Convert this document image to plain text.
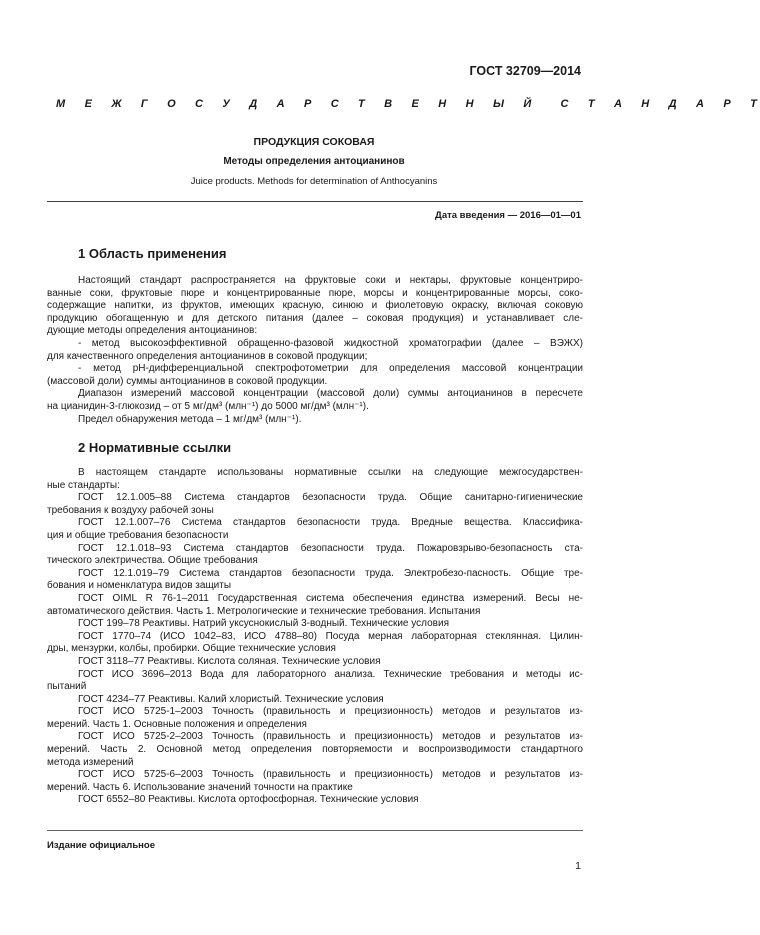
ГОСТ 32709—2014
М   Е   Ж   Г   О   С   У   Д   А   Р   С   Т   В   Е   Н   Н   Ы   Й С   Т   А   Н   Д   А   Р   Т
ПРОДУКЦИЯ СОКОВАЯ
Методы определения антоцианинов
Juice products. Methods for determination of Anthocyanins
Дата введения — 2016—01—01
1 Область применения
Настоящий стандарт распространяется на фруктовые соки и нектары, фруктовые концентриро-
ванные соки, фруктовые пюре и концентрированные пюре, морсы и концентрированные морсы, соко-
содержащие напитки, из фруктов, имеющих красную, синюю и фиолетовую окраску, включая соковую
продукцию обогащенную и для детского питания (далее – соковая продукция) и устанавливает сле-
дующие методы определения антоцианинов:
- метод высокоэффективной обращенно-фазовой жидкостной хроматографии (далее – ВЭЖХ)
для качественного определения антоцианинов в соковой продукции;
- метод pH-дифференциальной спектрофотометрии для определения массовой концентрации
(массовой доли) суммы антоцианинов в соковой продукции.
Диапазон измерений массовой концентрации (массовой доли) суммы антоцианинов в пересчете
на цианидин-3-глюкозид – от 5 мг/дм³ (млн⁻¹) до 5000 мг/дм³ (млн⁻¹).
Предел обнаружения метода – 1 мг/дм³ (млн⁻¹).
2 Нормативные ссылки
В настоящем стандарте использованы нормативные ссылки на следующие межгосударствен-
ные стандарты:
ГОСТ 12.1.005–88 Система стандартов безопасности труда. Общие санитарно-гигиенические
требования к воздуху рабочей зоны
ГОСТ 12.1.007–76 Система стандартов безопасности труда. Вредные вещества. Классифика-
ция и общие требования безопасности
ГОСТ 12.1.018–93 Система стандартов безопасности труда. Пожаровзрыво-безопасность ста-
тического электричества. Общие требования
ГОСТ 12.1.019–79 Система стандартов безопасности труда. Электробезо-пасность. Общие тре-
бования и номенклатура видов защиты
ГОСТ OIML R 76-1–2011 Государственная система обеспечения единства измерений. Весы не-
автоматического действия. Часть 1. Метрологические и технические требования. Испытания
ГОСТ 199–78 Реактивы. Натрий уксуснокислый 3-водный. Технические условия
ГОСТ 1770–74 (ИСО 1042–83, ИСО 4788–80) Посуда мерная лабораторная стеклянная. Цилин-
дры, мензурки, колбы, пробирки. Общие технические условия
ГОСТ 3118–77 Реактивы. Кислота соляная. Технические условия
ГОСТ ИСО 3696–2013 Вода для лабораторного анализа. Технические требования и методы ис-
пытаний
ГОСТ 4234–77 Реактивы. Калий хлористый. Технические условия
ГОСТ ИСО 5725-1–2003 Точность (правильность и прецизионность) методов и результатов из-
мерений. Часть 1. Основные положения и определения
ГОСТ ИСО 5725-2–2003 Точность (правильность и прецизионность) методов и результатов из-
мерений. Часть 2. Основной метод определения повторяемости и воспроизводимости стандартного
метода измерений
ГОСТ ИСО 5725-6–2003 Точность (правильность и прецизионность) методов и результатов из-
мерений. Часть 6. Использование значений точности на практике
ГОСТ 6552–80 Реактивы. Кислота ортофосфорная. Технические условия
Издание официальное
1
